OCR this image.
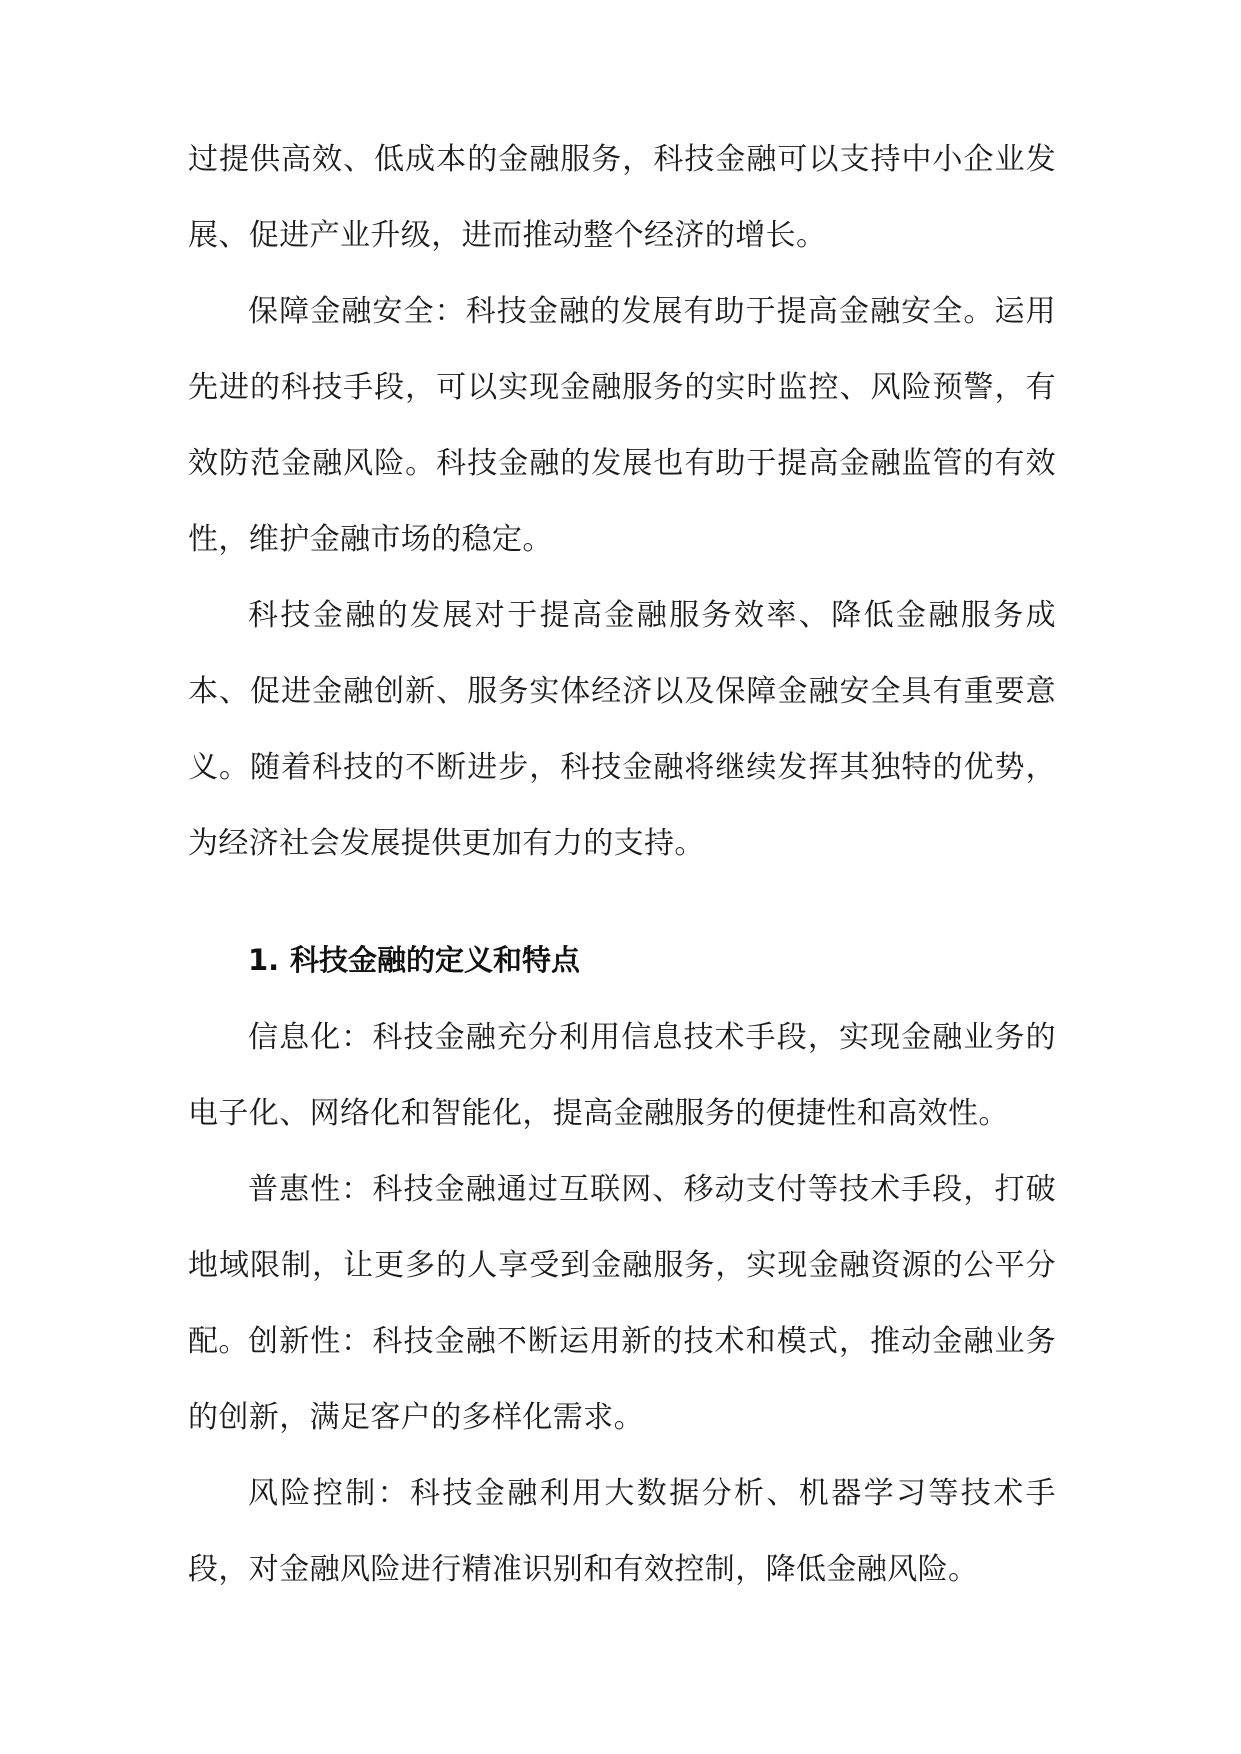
过提供高效、低成本的金融服务，科技金融可以支持中小企业发展、促进产业升级，进而推动整个经济的增长。

保障金融安全：科技金融的发展有助于提高金融安全。运用先进的科技手段，可以实现金融服务的实时监控、风险预警，有效防范金融风险。科技金融的发展也有助于提高金融监管的有效性，维护金融市场的稳定。

科技金融的发展对于提高金融服务效率、降低金融服务成本、促进金融创新、服务实体经济以及保障金融安全具有重要意义。随着科技的不断进步，科技金融将继续发挥其独特的优势，为经济社会发展提供更加有力的支持。

1. 科技金融的定义和特点

信息化：科技金融充分利用信息技术手段，实现金融业务的电子化、网络化和智能化，提高金融服务的便捷性和高效性。

普惠性：科技金融通过互联网、移动支付等技术手段，打破地域限制，让更多的人享受到金融服务，实现金融资源的公平分配。 创新性：科技金融不断运用新的技术和模式，推动金融业务的创新，满足客户的多样化需求。

风险控制：科技金融利用大数据分析、机器学习等技术手段，对金融风险进行精准识别和有效控制，降低金融风险。
